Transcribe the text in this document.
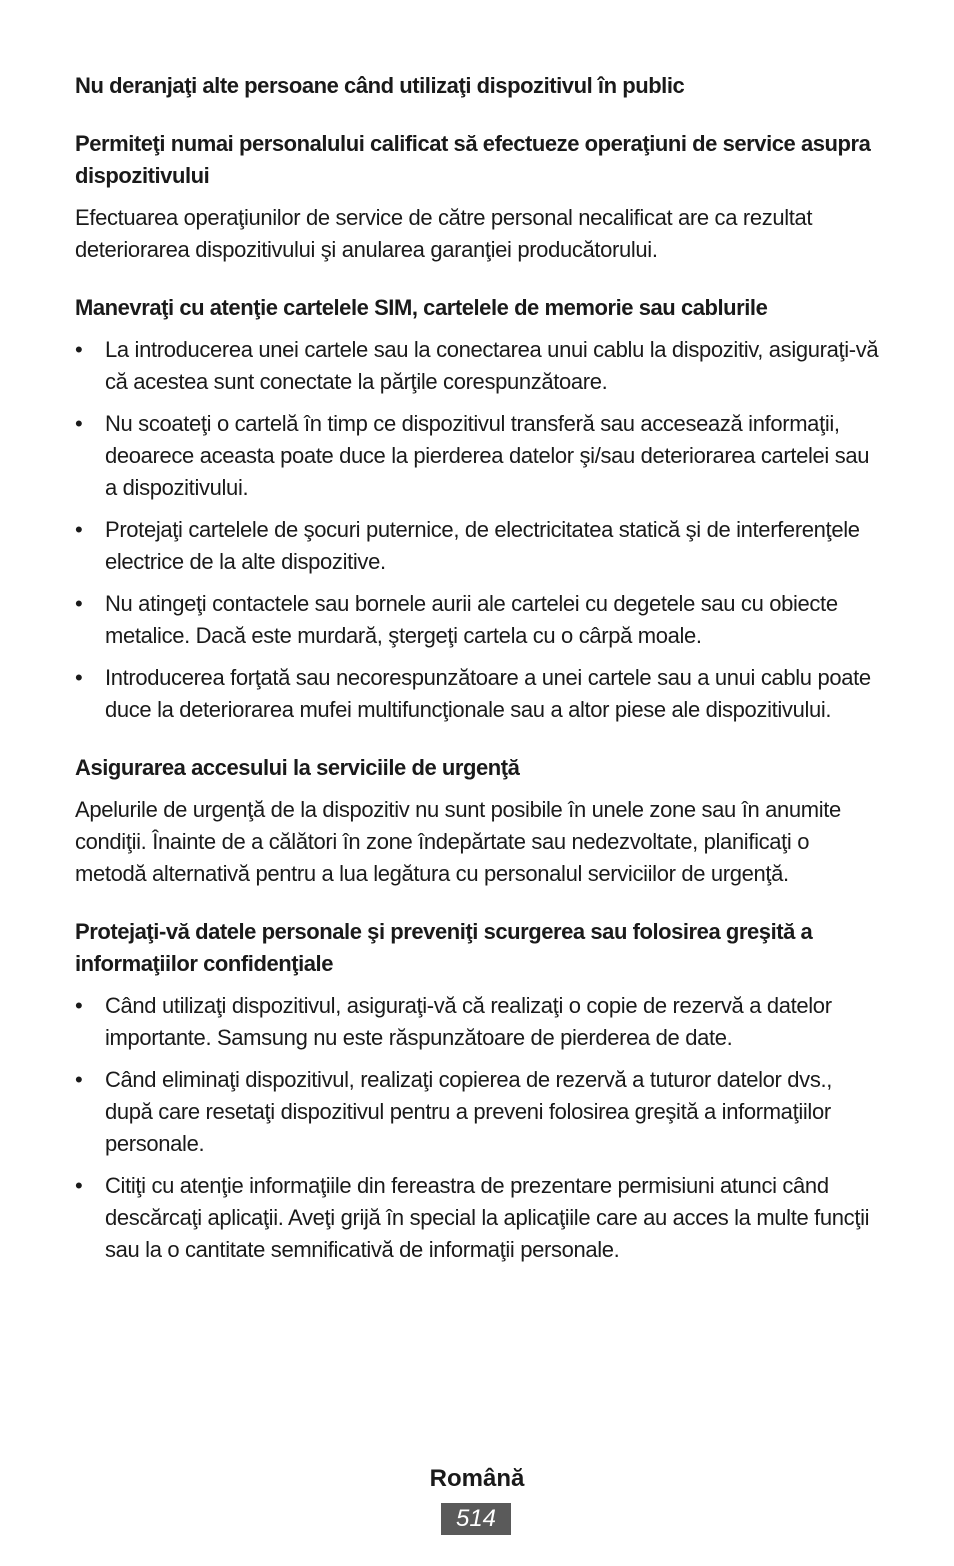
Nu deranjaţi alte persoane când utilizaţi dispozitivul în public

Permiteţi numai personalului calificat să efectueze operaţiuni de service asupra dispozitivului

Efectuarea operaţiunilor de service de către personal necalificat are ca rezultat deteriorarea dispozitivului şi anularea garanţiei producătorului.

Manevraţi cu atenţie cartelele SIM, cartelele de memorie sau cablurile

• La introducerea unei cartele sau la conectarea unui cablu la dispozitiv, asiguraţi-vă că acestea sunt conectate la părţile corespunzătoare.
• Nu scoateţi o cartelă în timp ce dispozitivul transferă sau accesează informaţii, deoarece aceasta poate duce la pierderea datelor şi/sau deteriorarea cartelei sau a dispozitivului.
• Protejaţi cartelele de şocuri puternice, de electricitatea statică şi de interferenţele electrice de la alte dispozitive.
• Nu atingeţi contactele sau bornele aurii ale cartelei cu degetele sau cu obiecte metalice. Dacă este murdară, ştergeţi cartela cu o cârpă moale.
• Introducerea forţată sau necorespunzătoare a unei cartele sau a unui cablu poate duce la deteriorarea mufei multifuncţionale sau a altor piese ale dispozitivului.

Asigurarea accesului la serviciile de urgenţă

Apelurile de urgenţă de la dispozitiv nu sunt posibile în unele zone sau în anumite condiţii. Înainte de a călători în zone îndepărtate sau nedezvoltate, planificaţi o metodă alternativă pentru a lua legătura cu personalul serviciilor de urgenţă.

Protejaţi-vă datele personale şi preveniţi scurgerea sau folosirea greşită a informaţiilor confidenţiale

• Când utilizaţi dispozitivul, asiguraţi-vă că realizaţi o copie de rezervă a datelor importante. Samsung nu este răspunzătoare de pierderea de date.
• Când eliminaţi dispozitivul, realizaţi copierea de rezervă a tuturor datelor dvs., după care resetaţi dispozitivul pentru a preveni folosirea greşită a informaţiilor personale.
• Citiţi cu atenţie informaţiile din fereastra de prezentare permisiuni atunci când descărcaţi aplicaţii. Aveţi grijă în special la aplicaţiile care au acces la multe funcţii sau la o cantitate semnificativă de informaţii personale.
Română
514
